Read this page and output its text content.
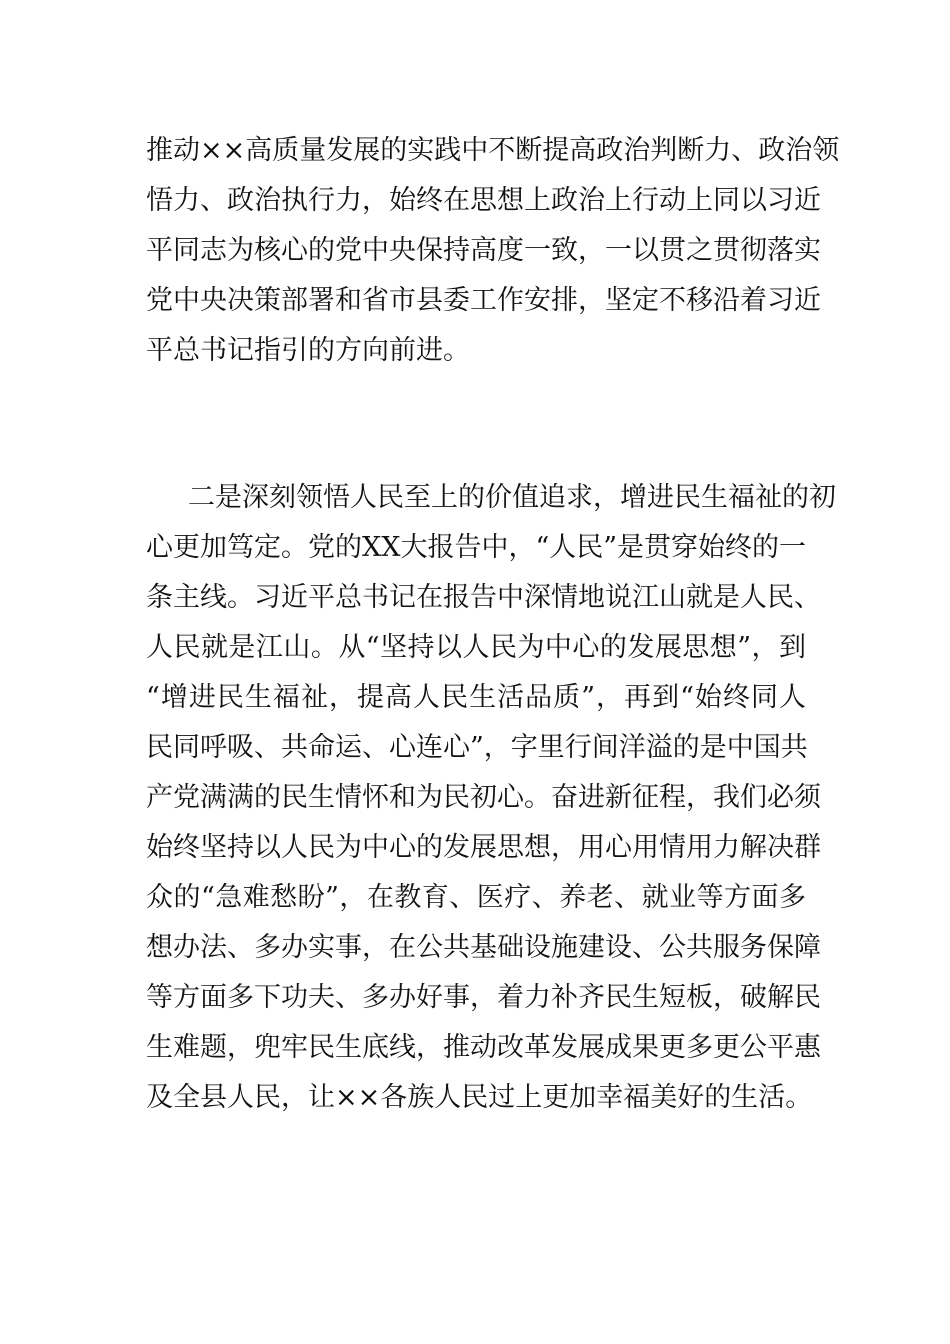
推动××高质量发展的实践中不断提高政治判断力、政治领
悟力、政治执行力，始终在思想上政治上行动上同以习近
平同志为核心的党中央保持高度一致，一以贯之贯彻落实
党中央决策部署和省市县委工作安排，坚定不移沿着习近
平总书记指引的方向前进。

二是深刻领悟人民至上的价值追求，增进民生福祉的初
心更加笃定。党的XX大报告中，“人民”是贯穿始终的一
条主线。习近平总书记在报告中深情地说江山就是人民、
人民就是江山。从“坚持以人民为中心的发展思想”，到
“增进民生福祉，提高人民生活品质”，再到“始终同人
民同呼吸、共命运、心连心”，字里行间洋溢的是中国共
产党满满的民生情怀和为民初心。奋进新征程，我们必须
始终坚持以人民为中心的发展思想，用心用情用力解决群
众的“急难愁盼”，在教育、医疗、养老、就业等方面多
想办法、多办实事，在公共基础设施建设、公共服务保障
等方面多下功夫、多办好事，着力补齐民生短板，破解民
生难题，兜牢民生底线，推动改革发展成果更多更公平惠
及全县人民，让××各族人民过上更加幸福美好的生活。
